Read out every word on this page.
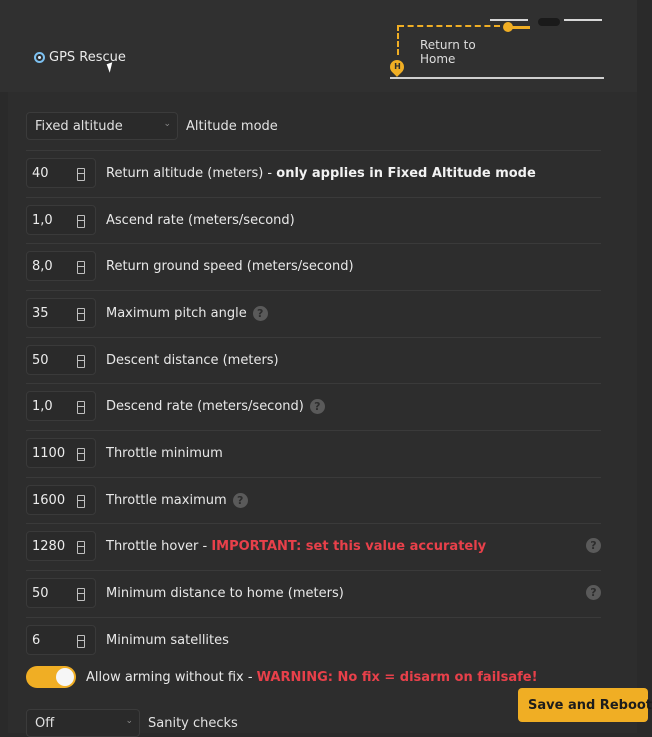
GPS Rescue
H
Return to
Home
Fixed altitude	⌄ Altitude mode
40	Return altitude (meters) - only applies in Fixed Altitude mode
1,0	Ascend rate (meters/second)
8,0	Return ground speed (meters/second)
35	Maximum pitch angle ?
50	Descent distance (meters)
1,0	Descend rate (meters/second) ?
1100	Throttle minimum
1600	Throttle maximum ?
1280	Throttle hover - IMPORTANT: set this value accurately	?
50	Minimum distance to home (meters)	?
6	Minimum satellites
Allow arming without fix - WARNING: No fix = disarm on failsafe!
Off	⌄ Sanity checks
Save and Reboot
